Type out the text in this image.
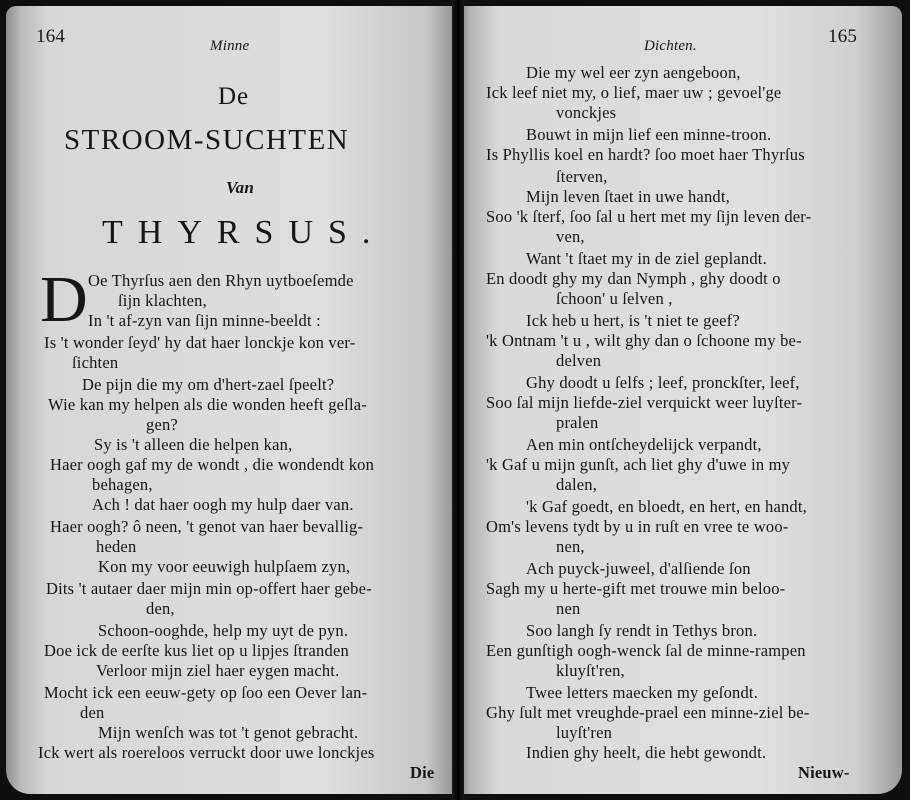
164	Minne
De
STROOM-SUCHTEN
Van
THYRSUS.
D Oe Thyrſus aen den Rhyn uytboeſemde
ſijn klachten,
In 't af-zyn van ſijn minne-beeldt :
Is 't wonder ſeyd' hy dat haer lonckje kon ver-
ſichten
De pijn die my om d'hert-zael ſpeelt?
Wie kan my helpen als die wonden heeft geſla-
gen?
Sy is 't alleen die helpen kan,
Haer oogh gaf my de wondt , die wondendt kon
behagen,
Ach ! dat haer oogh my hulp daer van.
Haer oogh? ô neen, 't genot van haer bevallig-
heden
Kon my voor eeuwigh hulpſaem zyn,
Dits 't autaer daer mijn min op-offert haer gebe-
den,
Schoon-ooghde, help my uyt de pyn.
Doe ick de eerſte kus liet op u lipjes ſtranden
Verloor mijn ziel haer eygen macht.
Mocht ick een eeuw-gety op ſoo een Oever lan-
den
Mijn wenſch was tot 't genot gebracht.
Ick wert als roereloos verruckt door uwe lonckjes
Die
Dichten.	165
Die my wel eer zyn aengeboon,
Ick leef niet my, o lief, maer uw ; gevoel'ge
vonckjes
Bouwt in mijn lief een minne-troon.
Is Phyllis koel en hardt? ſoo moet haer Thyrſus
ſterven,
Mijn leven ſtaet in uwe handt,
Soo 'k ſterf, ſoo ſal u hert met my ſijn leven der-
ven,
Want 't ſtaet my in de ziel geplandt.
En doodt ghy my dan Nymph , ghy doodt o
ſchoon' u ſelven ,
Ick heb u hert, is 't niet te geef?
'k Ontnam 't u , wilt ghy dan o ſchoone my be-
delven
Ghy doodt u ſelfs ; leef, pronckſter, leef,
Soo ſal mijn liefde-ziel verquickt weer luyſter-
pralen
Aen min ontſcheydelijck verpandt,
'k Gaf u mijn gunſt, ach liet ghy d'uwe in my
dalen,
'k Gaf goedt, en bloedt, en hert, en handt,
Om's levens tydt by u in ruſt en vree te woo-
nen,
Ach puyck-juweel, d'alſiende ſon
Sagh my u herte-gift met trouwe min beloo-
nen
Soo langh ſy rendt in Tethys bron.
Een gunſtigh oogh-wenck ſal de minne-rampen
kluyſt'ren,
Twee letters maecken my geſondt.
Ghy ſult met vreughde-prael een minne-ziel be-
luyſt'ren
Indien ghy heelt, die hebt gewondt.
Nieuw-
